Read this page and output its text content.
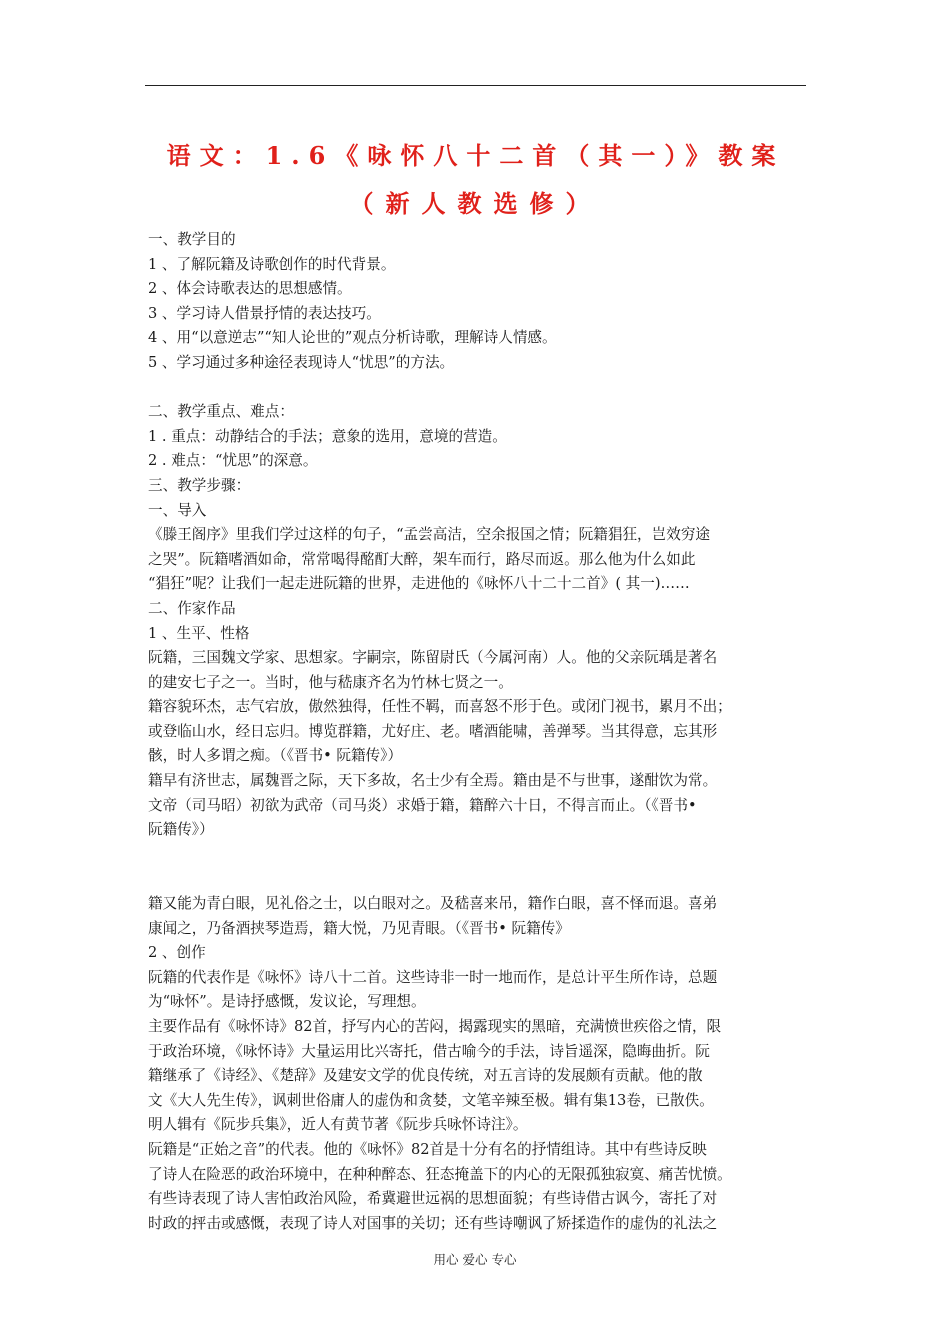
语文：1.6《咏怀八十二首（其一）》教案
（新人教选修）

一、教学目的

1 、了解阮籍及诗歌创作的时代背景。

2 、体会诗歌表达的思想感情。

3 、学习诗人借景抒情的表达技巧。

4 、用“以意逆志”“知人论世的”观点分析诗歌，理解诗人情感。

5 、学习通过多种途径表现诗人“忧思”的方法。

二、教学重点、难点：

1 . 重点：动静结合的手法；意象的选用，意境的营造。

2 . 难点：“忧思”的深意。

三、教学步骤：

一、导入

《滕王阁序》里我们学过这样的句子，“孟尝高洁，空余报国之情；阮籍猖狂，岂效穷途

之哭”。阮籍嗜酒如命，常常喝得酩酊大醉，架车而行，路尽而返。那么他为什么如此

“猖狂”呢？让我们一起走进阮籍的世界，走进他的《咏怀八十二十二首》( 其一)……

二、作家作品

1 、生平、性格

阮籍，三国魏文学家、思想家。字嗣宗，陈留尉氏（今属河南）人。他的父亲阮瑀是著名

的建安七子之一。当时，他与嵇康齐名为竹林七贤之一。

籍容貌环杰，志气宕放，傲然独得，任性不羁，而喜怒不形于色。或闭门视书，累月不出；

或登临山水，经日忘归。博览群籍，尤好庄、老。嗜酒能啸，善弹琴。当其得意，忘其形

骸，时人多谓之痴。（《晋书• 阮籍传》）

籍早有济世志，属魏晋之际，天下多故，名士少有全焉。籍由是不与世事，遂酣饮为常。

文帝（司马昭）初欲为武帝（司马炎）求婚于籍，籍醉六十日，不得言而止。（《晋书•

阮籍传》）

籍又能为青白眼，见礼俗之士，以白眼对之。及嵇喜来吊，籍作白眼，喜不怿而退。喜弟

康闻之，乃备酒挟琴造焉，籍大悦，乃见青眼。（《晋书• 阮籍传》

2 、创作

阮籍的代表作是《咏怀》诗八十二首。这些诗非一时一地而作，是总计平生所作诗，总题

为“咏怀”。是诗抒感慨，发议论，写理想。

主要作品有《咏怀诗》82首，抒写内心的苦闷，揭露现实的黑暗，充满愤世疾俗之情，限

于政治环境，《咏怀诗》大量运用比兴寄托，借古喻今的手法，诗旨遥深，隐晦曲折。阮

籍继承了《诗经》、《楚辞》及建安文学的优良传统，对五言诗的发展颇有贡献。他的散

文《大人先生传》，讽刺世俗庸人的虚伪和贪婪，文笔辛辣至极。辑有集13卷，已散佚。

明人辑有《阮步兵集》，近人有黄节著《阮步兵咏怀诗注》。

阮籍是“正始之音”的代表。他的《咏怀》82首是十分有名的抒情组诗。其中有些诗反映

了诗人在险恶的政治环境中，在种种醉态、狂态掩盖下的内心的无限孤独寂寞、痛苦忧愤。

有些诗表现了诗人害怕政治风险，希冀避世远祸的思想面貌；有些诗借古讽今，寄托了对

时政的抨击或感慨，表现了诗人对国事的关切；还有些诗嘲讽了矫揉造作的虚伪的礼法之

用心 爱心 专心
